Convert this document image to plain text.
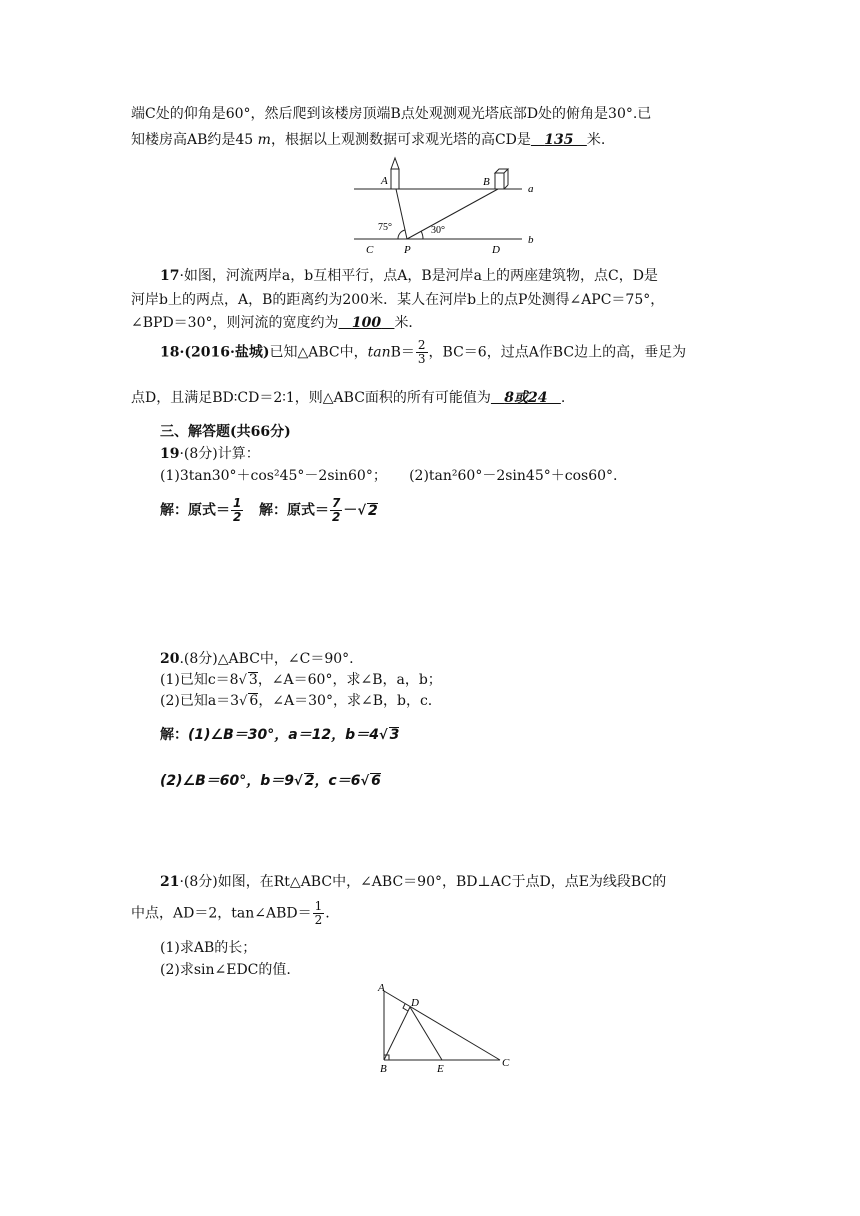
端C处的仰角是60°，然后爬到该楼房顶端B点处观测观光塔底部D处的俯角是30°.已
知楼房高AB约是45 m，根据以上观测数据可求观光塔的高CD是 135 米.
A	B
a
b
C	P	D
75°	30°
17·如图，河流两岸a，b互相平行，点A，B是河岸a上的两座建筑物，点C，D是
河岸b上的两点，A，B的距离约为200米．某人在河岸b上的点P处测得∠APC＝75°，
∠BPD＝30°，则河流的宽度约为 100 米．
18·(2016·盐城)已知△ABC中，$\tan B= \frac{2}{3}$ ，BC＝6，过点A作BC边上的高，垂足为
点D，且满足BD∶CD＝2∶1，则△ABC面积的所有可能值为 8或24 .
三、解答题(共66分)
19·(8分)计算：
(1)3tan30°＋cos²45°－2sin60°； (2)tan²60°－2sin45°＋cos60°.
解：原式＝ $\frac{1}{2}$ 解：原式＝ $\frac{7}{2}$ －√ 2
20.(8分)△ABC中，∠C＝90°.
(1)已知c＝8√ 3，∠A＝60°，求∠B，a，b；
(2)已知a＝3√ 6，∠A＝30°，求∠B，b，c.
解：(1)∠B＝30°，a＝12，b＝4√ 3
(2)∠B＝60°，b＝9√ 2，c＝6√ 6
21·(8分)如图，在Rt△ABC中，∠ABC＝90°，BD⊥AC于点D，点E为线段BC的
中点，AD＝2，tan∠ABD＝ $\frac{1}{2}$ .
(1)求AB的长；
(2)求sin∠EDC的值.
A
D
B	E	C
